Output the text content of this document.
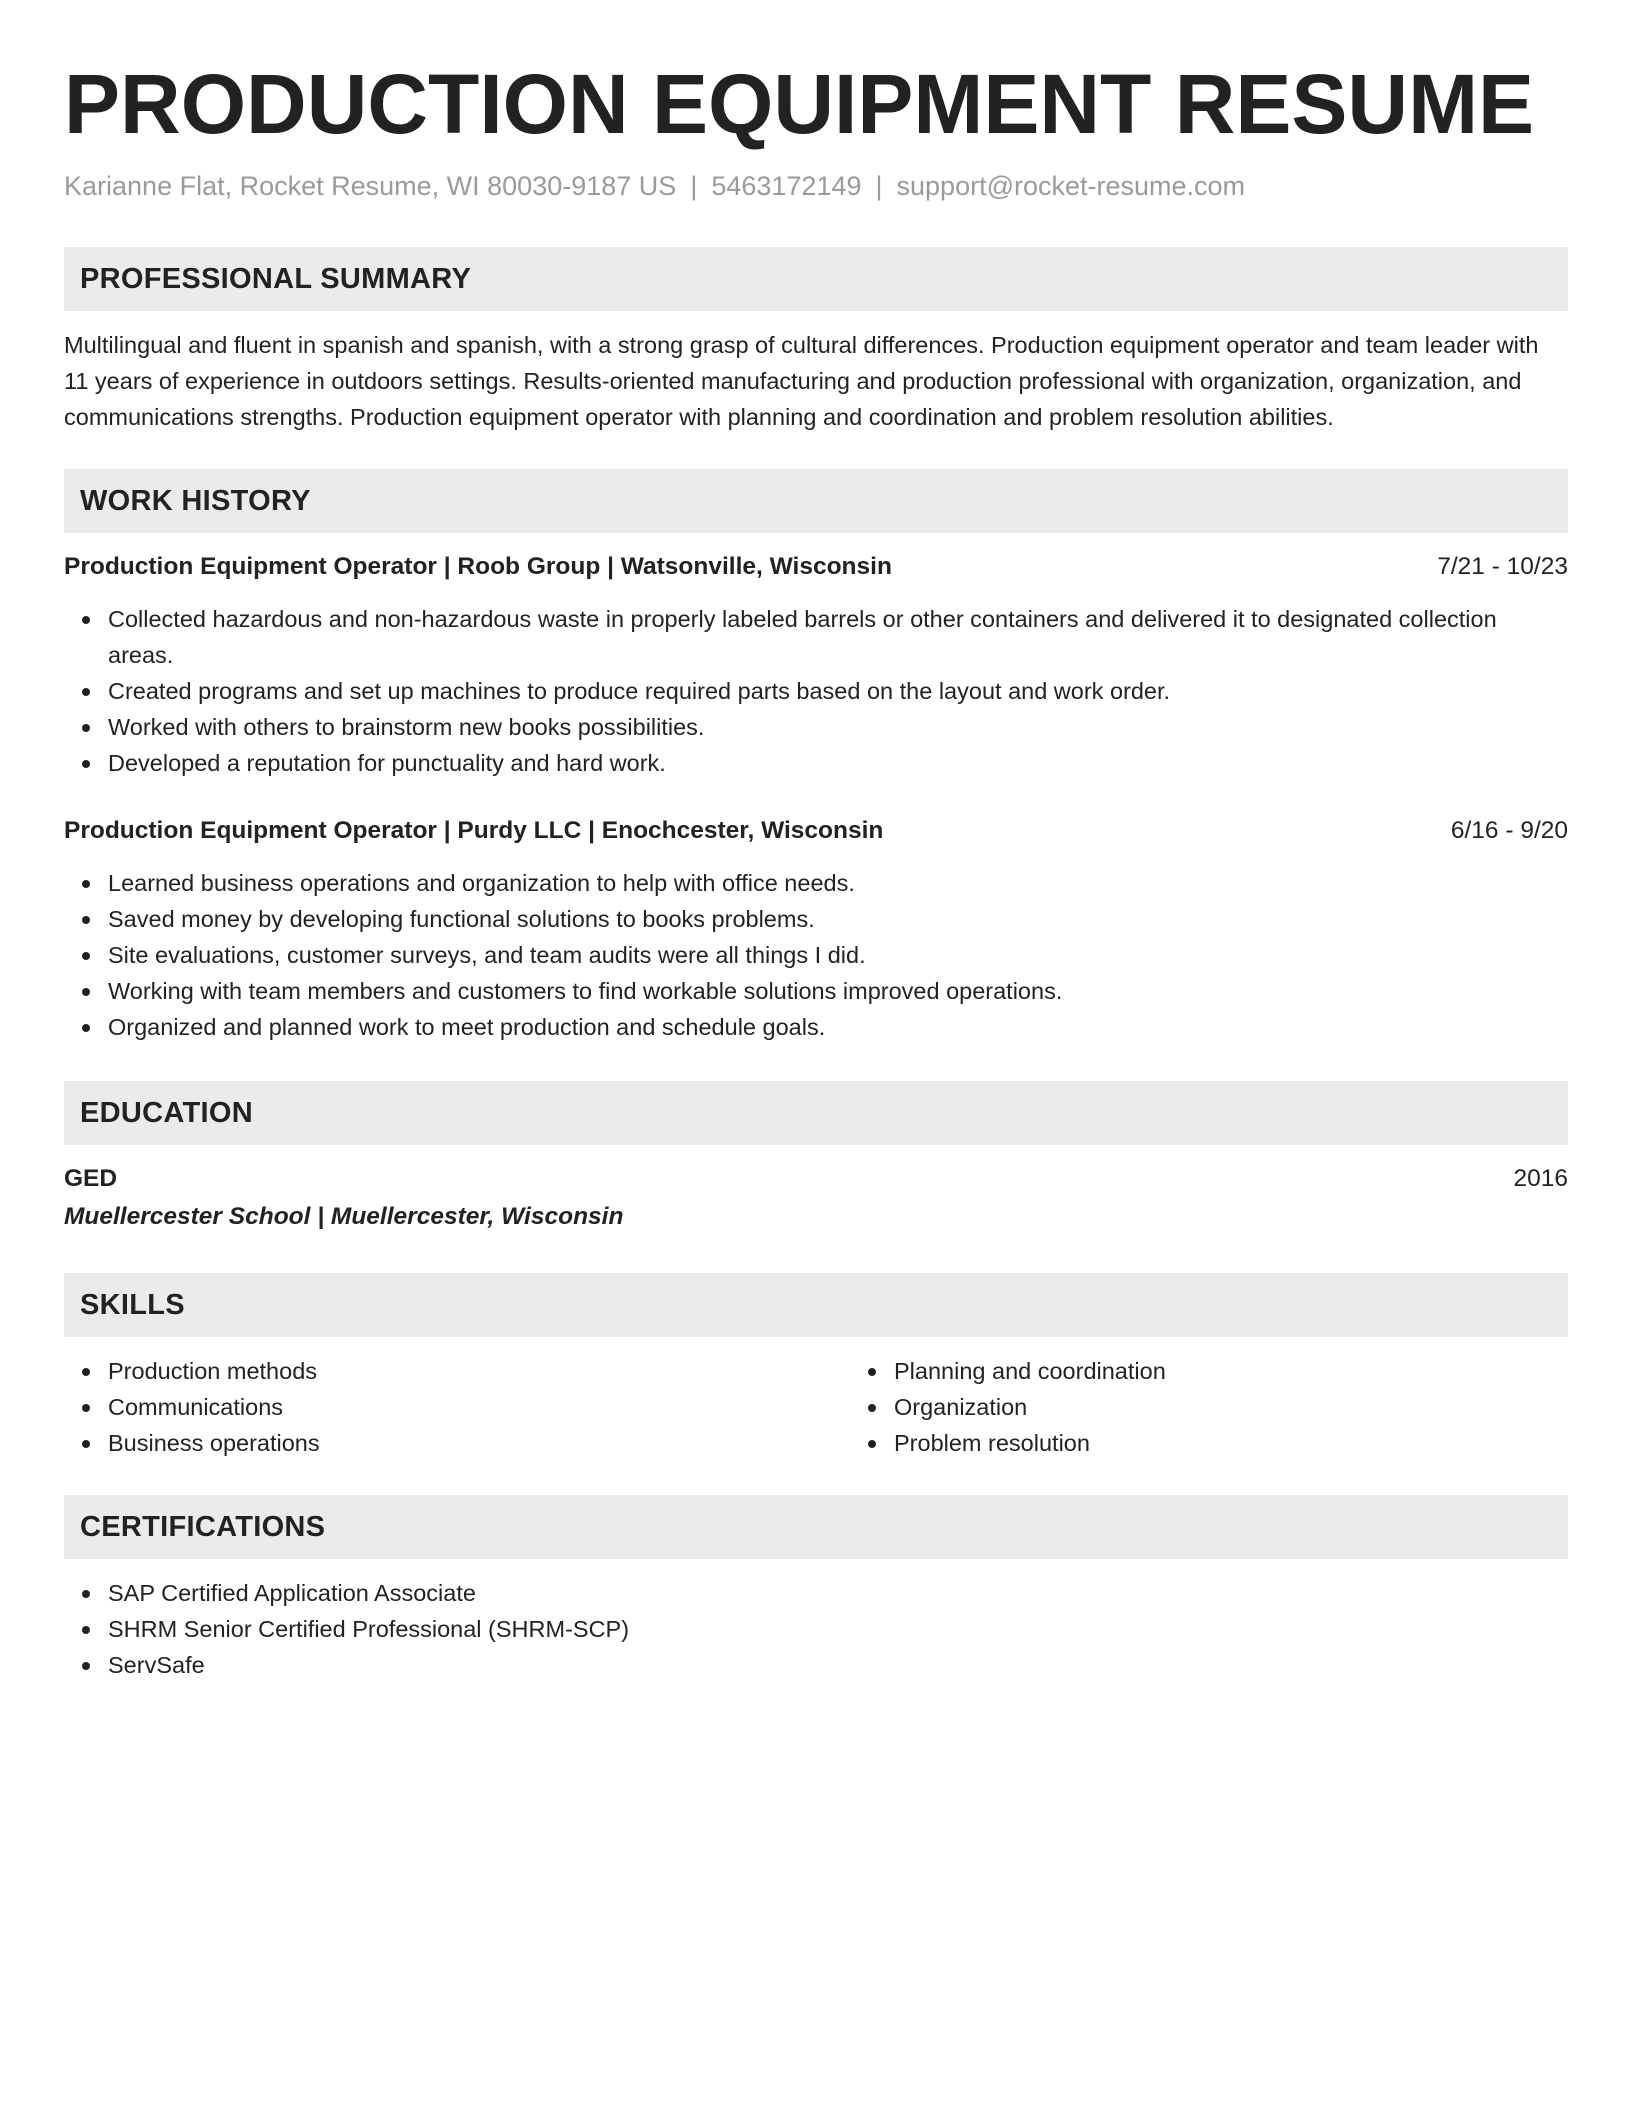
PRODUCTION EQUIPMENT RESUME
Karianne Flat, Rocket Resume, WI 80030-9187 US | 5463172149 | support@rocket-resume.com
PROFESSIONAL SUMMARY
Multilingual and fluent in spanish and spanish, with a strong grasp of cultural differences. Production equipment operator and team leader with 11 years of experience in outdoors settings. Results-oriented manufacturing and production professional with organization, organization, and communications strengths. Production equipment operator with planning and coordination and problem resolution abilities.
WORK HISTORY
Production Equipment Operator | Roob Group | Watsonville, Wisconsin	7/21 - 10/23
Collected hazardous and non-hazardous waste in properly labeled barrels or other containers and delivered it to designated collection areas.
Created programs and set up machines to produce required parts based on the layout and work order.
Worked with others to brainstorm new books possibilities.
Developed a reputation for punctuality and hard work.
Production Equipment Operator | Purdy LLC | Enochcester, Wisconsin	6/16 - 9/20
Learned business operations and organization to help with office needs.
Saved money by developing functional solutions to books problems.
Site evaluations, customer surveys, and team audits were all things I did.
Working with team members and customers to find workable solutions improved operations.
Organized and planned work to meet production and schedule goals.
EDUCATION
GED	2016
Muellercester School | Muellercester, Wisconsin
SKILLS
Production methods
Communications
Business operations
Planning and coordination
Organization
Problem resolution
CERTIFICATIONS
SAP Certified Application Associate
SHRM Senior Certified Professional (SHRM-SCP)
ServSafe
